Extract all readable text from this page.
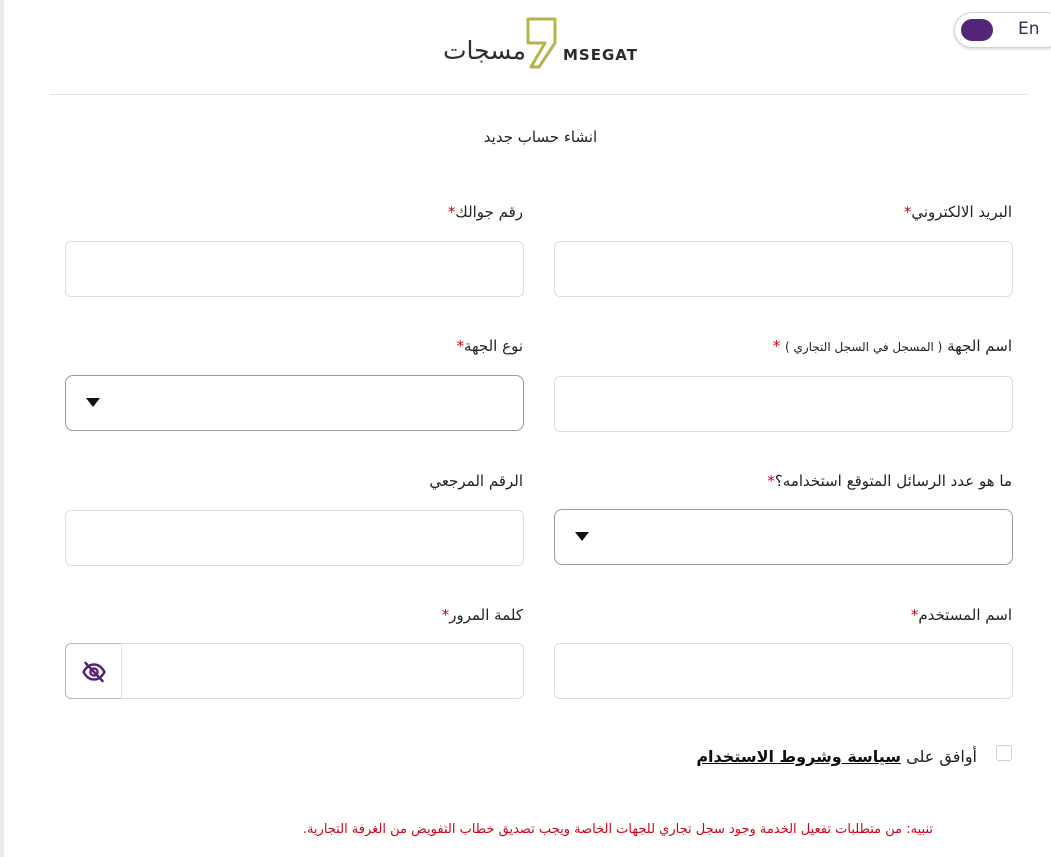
En
مسجات MSEGAT
انشاء حساب جديد
البريد الالكتروني*
رقم جوالك*
اسم الجهة ( المسجل في السجل التجاري ) *
نوع الجهة*
ما هو عدد الرسائل المتوقع استخدامه؟*
الرقم المرجعي
اسم المستخدم*
كلمة المرور*
أوافق على سياسة وشروط الاستخدام
تنبيه: من متطلبات تفعيل الخدمة وجود سجل تجاري للجهات الخاصة ويجب تصديق خطاب التفويض من الغرفة التجارية.
